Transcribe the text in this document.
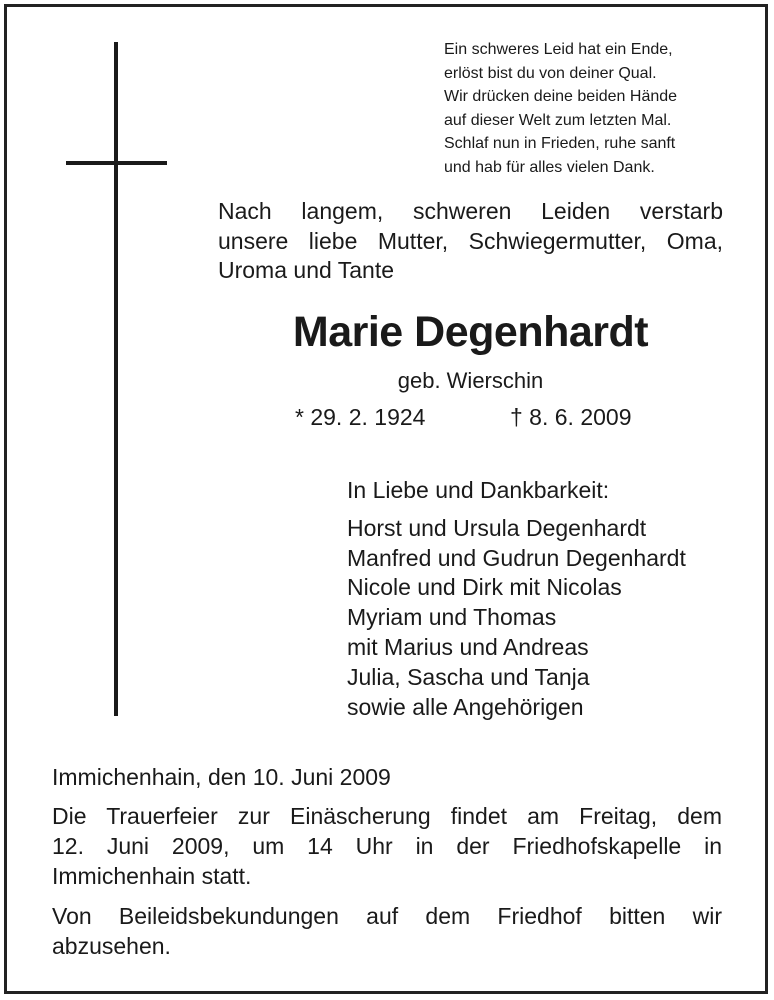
Ein schweres Leid hat ein Ende,
erlöst bist du von deiner Qual.
Wir drücken deine beiden Hände
auf dieser Welt zum letzten Mal.
Schlaf nun in Frieden, ruhe sanft
und hab für alles vielen Dank.
Nach langem, schweren Leiden verstarb
unsere liebe Mutter, Schwiegermutter, Oma,
Uroma und Tante
Marie Degenhardt
geb. Wierschin
* 29. 2. 1924	† 8. 6. 2009
In Liebe und Dankbarkeit:
Horst und Ursula Degenhardt
Manfred und Gudrun Degenhardt
Nicole und Dirk mit Nicolas
Myriam und Thomas
mit Marius und Andreas
Julia, Sascha und Tanja
sowie alle Angehörigen
Immichenhain, den 10. Juni 2009
Die Trauerfeier zur Einäscherung findet am Freitag, dem
12. Juni 2009, um 14 Uhr in der Friedhofskapelle in
Immichenhain statt.
Von Beileidsbekundungen auf dem Friedhof bitten wir
abzusehen.
